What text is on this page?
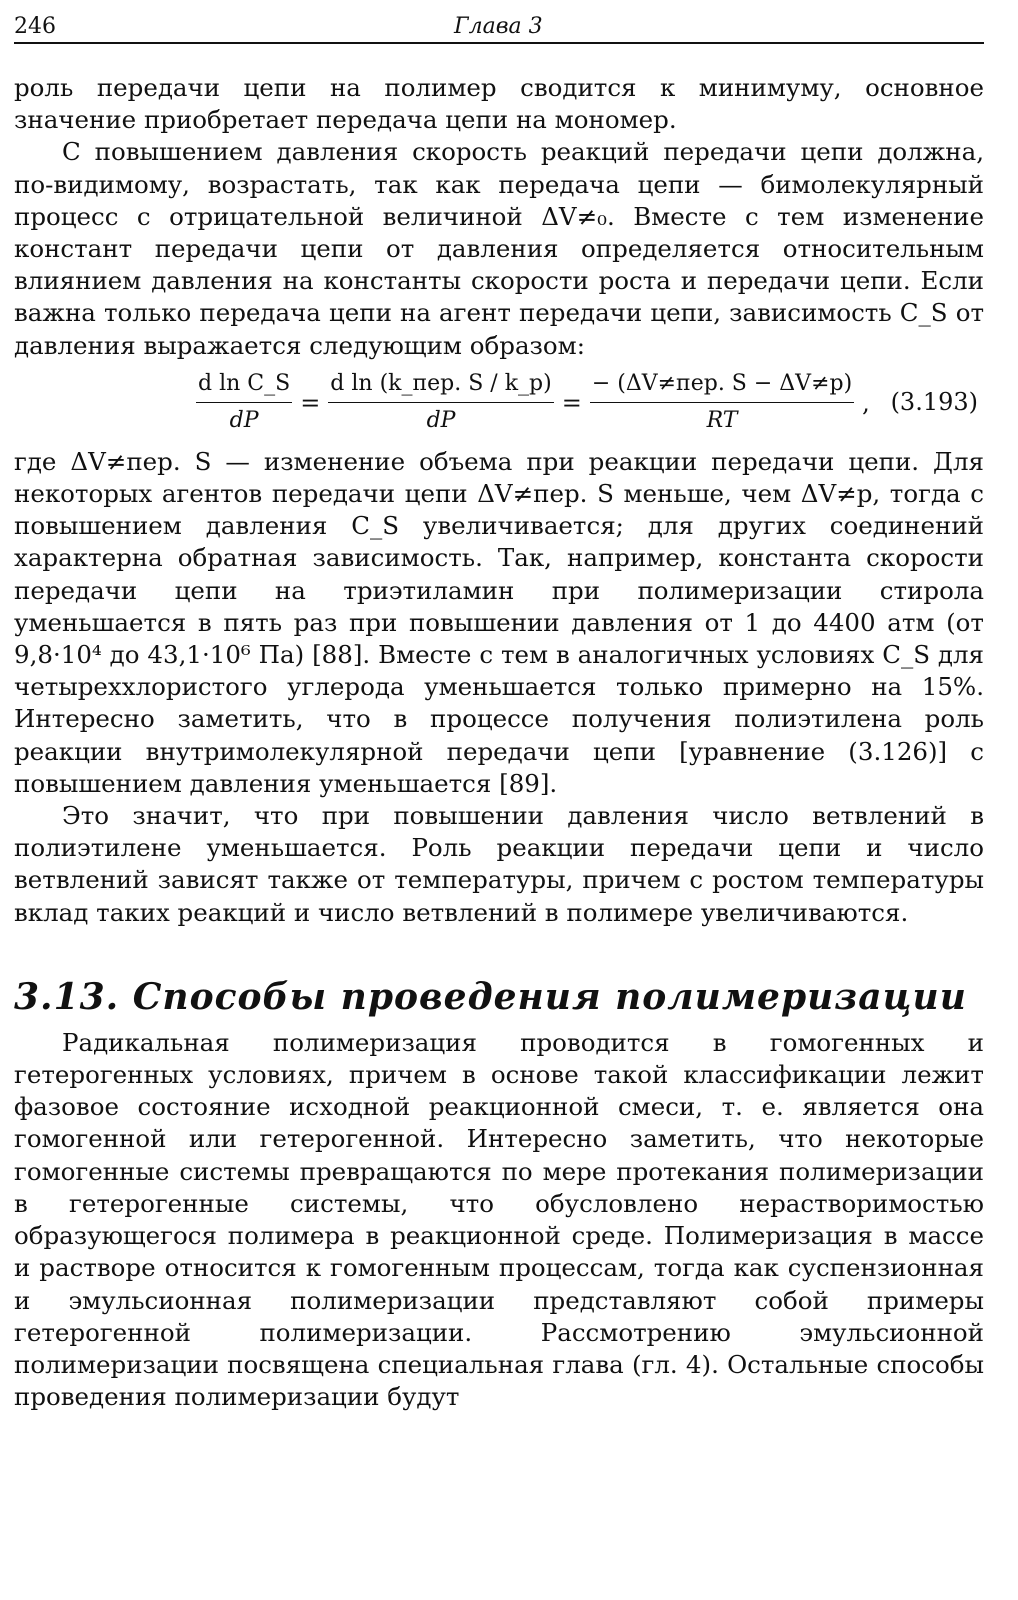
246	Глава 3

роль передачи цепи на полимер сводится к минимуму, основное значение приобретает передача цепи на мономер.

С повышением давления скорость реакций передачи цепи должна, по-видимому, возрастать, так как передача цепи — бимолекулярный процесс с отрицательной величиной ΔV≠₀. Вместе с тем изменение констант передачи цепи от давления определяется относительным влиянием давления на константы скорости роста и передачи цепи. Если важна только передача цепи на агент передачи цепи, зависимость C_S от давления выражается следующим образом:

$\frac{\text{d ln C\_S}}{dP} = \frac{\text{d ln (k\_пер. S / k\_p)}}{dP} = \frac{\text{− (ΔV≠пер. S − ΔV≠p)}}{RT}$ , (3.193)

где ΔV≠пер. S — изменение объема при реакции передачи цепи. Для некоторых агентов передачи цепи ΔV≠пер. S меньше, чем ΔV≠p, тогда с повышением давления C_S увеличивается; для других соединений характерна обратная зависимость. Так, например, константа скорости передачи цепи на триэтиламин при полимеризации стирола уменьшается в пять раз при повышении давления от 1 до 4400 атм (от 9,8·10⁴ до 43,1·10⁶ Па) [88]. Вместе с тем в аналогичных условиях C_S для четыреххлористого углерода уменьшается только примерно на 15%. Интересно заметить, что в процессе получения полиэтилена роль реакции внутримолекулярной передачи цепи [уравнение (3.126)] с повышением давления уменьшается [89].

Это значит, что при повышении давления число ветвлений в полиэтилене уменьшается. Роль реакции передачи цепи и число ветвлений зависят также от температуры, причем с ростом температуры вклад таких реакций и число ветвлений в полимере увеличиваются.

3.13. Способы проведения полимеризации

Радикальная полимеризация проводится в гомогенных и гетерогенных условиях, причем в основе такой классификации лежит фазовое состояние исходной реакционной смеси, т. е. является она гомогенной или гетерогенной. Интересно заметить, что некоторые гомогенные системы превращаются по мере протекания полимеризации в гетерогенные системы, что обусловлено нерастворимостью образующегося полимера в реакционной среде. Полимеризация в массе и растворе относится к гомогенным процессам, тогда как суспензионная и эмульсионная полимеризации представляют собой примеры гетерогенной полимеризации. Рассмотрению эмульсионной полимеризации посвящена специальная глава (гл. 4). Остальные способы проведения полимеризации будут
